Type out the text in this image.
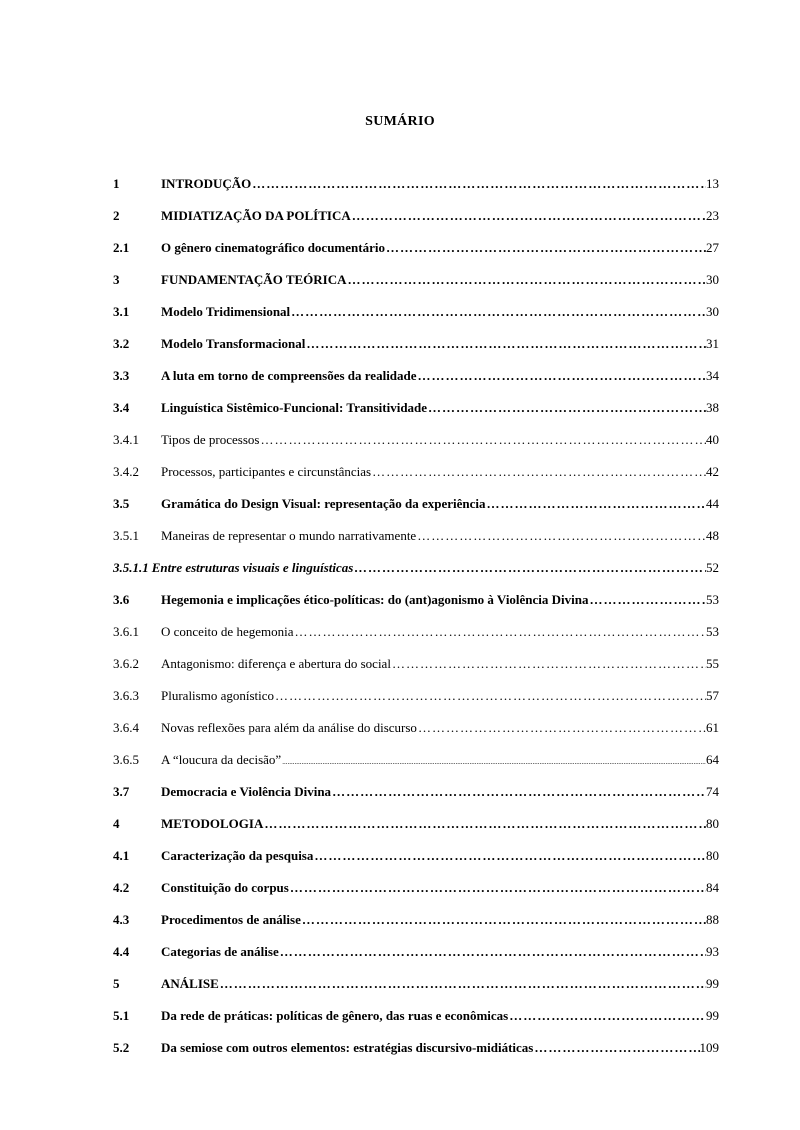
SUMÁRIO
1	INTRODUÇÃO …………………………………………………………………………………………………………………………………………………………………………………………………………	13
2	MIDIATIZAÇÃO DA POLÍTICA …………………………………………………………………………………………………………………………………………………………………………………………………………	23
2.1	O gênero cinematográfico documentário …………………………………………………………………………………………………………………………………………………………………………………………………………	27
3	FUNDAMENTAÇÃO TEÓRICA …………………………………………………………………………………………………………………………………………………………………………………………………………	30
3.1	Modelo Tridimensional …………………………………………………………………………………………………………………………………………………………………………………………………………	30
3.2	Modelo Transformacional …………………………………………………………………………………………………………………………………………………………………………………………………………	31
3.3	A luta em torno de compreensões da realidade …………………………………………………………………………………………………………………………………………………………………………………………………………	34
3.4	Linguística Sistêmico-Funcional: Transitividade …………………………………………………………………………………………………………………………………………………………………………………………………………	38
3.4.1	Tipos de processos …………………………………………………………………………………………………………………………………………………………………………………………………………	40
3.4.2	Processos, participantes e circunstâncias …………………………………………………………………………………………………………………………………………………………………………………………………………	42
3.5	Gramática do Design Visual: representação da experiência …………………………………………………………………………………………………………………………………………………………………………………………………………	44
3.5.1	Maneiras de representar o mundo narrativamente …………………………………………………………………………………………………………………………………………………………………………………………………………	48
3.5.1.1 Entre estruturas visuais e linguísticas …………………………………………………………………………………………………………………………………………………………………………………………………………	52
3.6	Hegemonia e implicações ético-políticas: do (ant)agonismo à Violência Divina …………………………………………………………………………………………………………………………………………………………………………………………………………	53
3.6.1	O conceito de hegemonia …………………………………………………………………………………………………………………………………………………………………………………………………………	53
3.6.2	Antagonismo: diferença e abertura do social …………………………………………………………………………………………………………………………………………………………………………………………………………	55
3.6.3	Pluralismo agonístico …………………………………………………………………………………………………………………………………………………………………………………………………………	57
3.6.4	Novas reflexões para além da análise do discurso …………………………………………………………………………………………………………………………………………………………………………………………………………	61
3.6.5	A “loucura da decisão” .....	64
3.7	Democracia e Violência Divina …………………………………………………………………………………………………………………………………………………………………………………………………………	74
4	METODOLOGIA …………………………………………………………………………………………………………………………………………………………………………………………………………	80
4.1	Caracterização da pesquisa …………………………………………………………………………………………………………………………………………………………………………………………………………	80
4.2	Constituição do corpus …………………………………………………………………………………………………………………………………………………………………………………………………………	84
4.3	Procedimentos de análise …………………………………………………………………………………………………………………………………………………………………………………………………………	88
4.4	Categorias de análise …………………………………………………………………………………………………………………………………………………………………………………………………………	93
5	ANÁLISE …………………………………………………………………………………………………………………………………………………………………………………………………………	99
5.1	Da rede de práticas: políticas de gênero, das ruas e econômicas …………………………………………………………………………………………………………………………………………………………………………………………………………	99
5.2	Da semiose com outros elementos: estratégias discursivo-midiáticas …………………………………………………………………………………………………………………………………………………………………………………………………………	109
